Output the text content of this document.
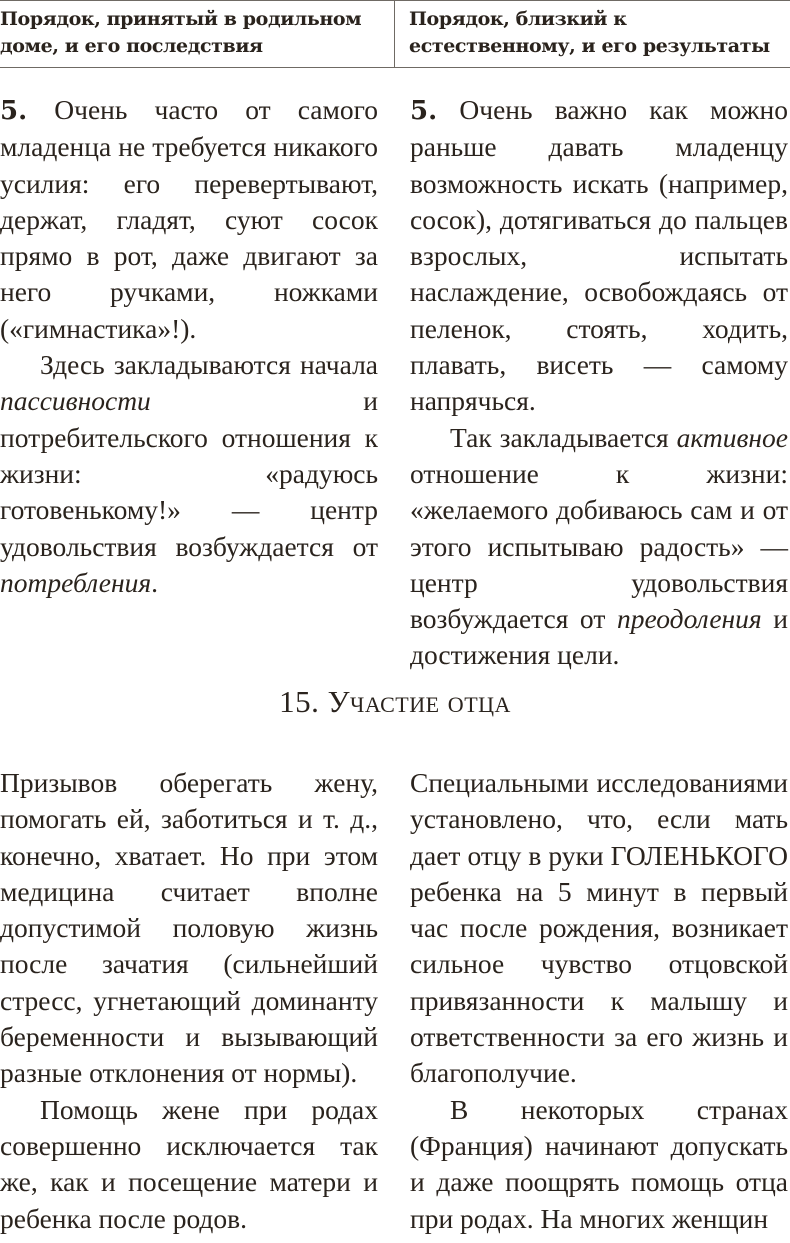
Порядок, принятый в родильном доме, и его последствия
Порядок, близкий к естественному, и его результаты

5. Очень часто от самого младенца не требуется никакого усилия: его перевертывают, держат, гладят, суют сосок прямо в рот, даже двигают за него ручками, ножками («гимнастика»!).

Здесь закладываются начала пассивности и потребительского отношения к жизни: «радуюсь готовенькому!» — центр удовольствия возбуждается от потребления.

5. Очень важно как можно раньше давать младенцу возможность искать (например, сосок), дотягиваться до пальцев взрослых, испытать наслаждение, освобождаясь от пеленок, стоять, ходить, плавать, висеть — самому напрячься.

Так закладывается активное отношение к жизни: «желаемого добиваюсь сам и от этого испытываю радость» — центр удовольствия возбуждается от преодоления и достижения цели.

15. Участие отца

Призывов оберегать жену, помогать ей, заботиться и т. д., конечно, хватает. Но при этом медицина считает вполне допустимой половую жизнь после зачатия (сильнейший стресс, угнетающий доминанту беременности и вызывающий разные отклонения от нормы).

Помощь жене при родах совершенно исключается так же, как и посещение матери и ребенка после родов.

Специальными исследованиями установлено, что, если мать дает отцу в руки ГОЛЕНЬКОГО ребенка на 5 минут в первый час после рождения, возникает сильное чувство отцовской привязанности к малышу и ответственности за его жизнь и благополучие.

В некоторых странах (Франция) начинают допускать и даже поощрять помощь отца при родах. На многих женщин
